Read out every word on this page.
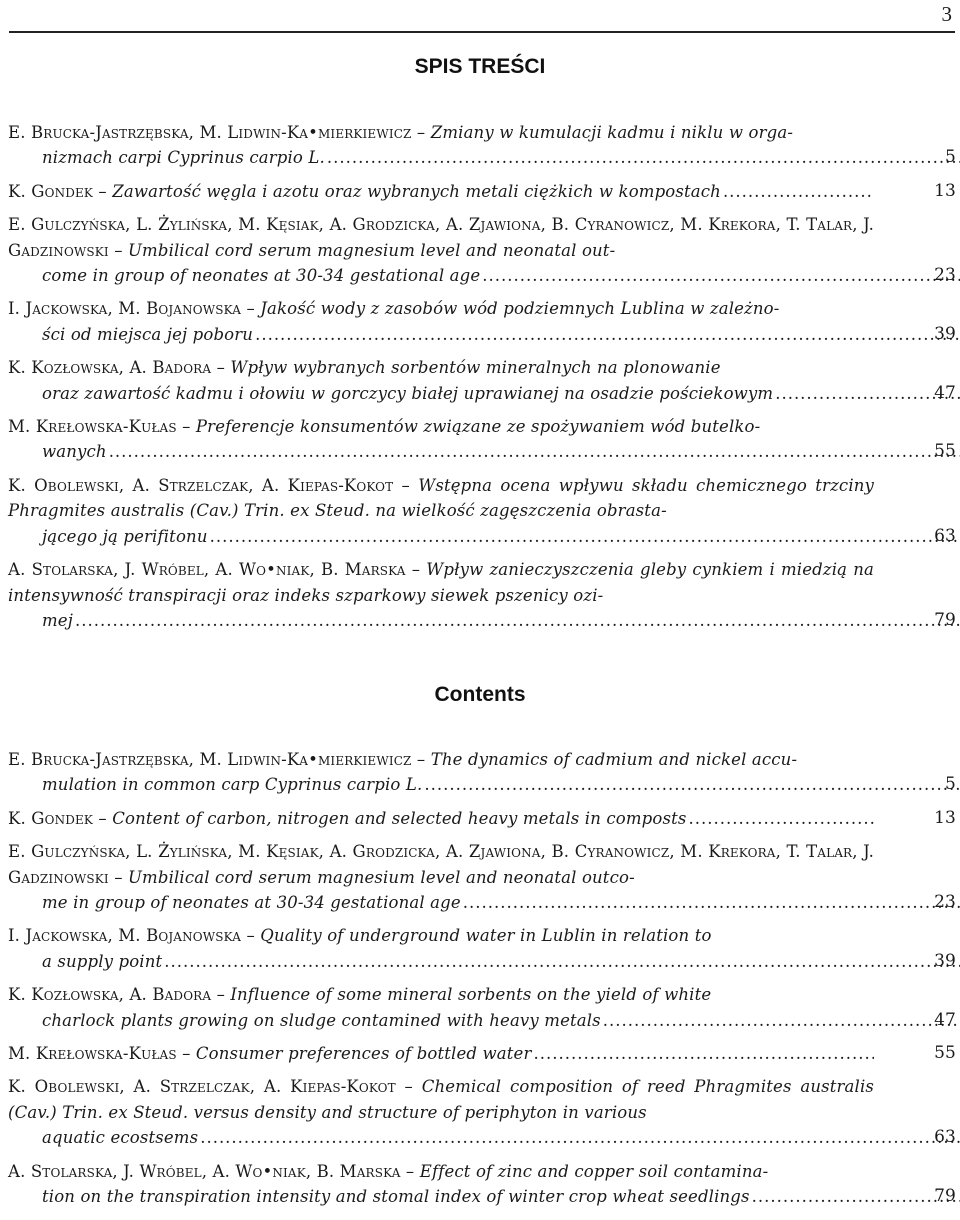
3
SPIS TREŚCI
E. Brucka-Jastrzębska, M. Lidwin-Ka•mierkiewicz – Zmiany w kumulacji kadmu i niklu w orga-
nizmach carpi Cyprinus carpio L. .....	5
K. Gondek – Zawartość węgla i azotu oraz wybranych metali ciężkich w kompostach .....	13
E. Gulczyńska, L. Żylińska, M. Kęsiak, A. Grodzicka, A. Zjawiona, B. Cyranowicz, M. Krekora, T. Talar, J. Gadzinowski – Umbilical cord serum magnesium level and neonatal out-
come in group of neonates at 30-34 gestational age .....	23
I. Jackowska, M. Bojanowska – Jakość wody z zasobów wód podziemnych Lublina w zależno-
ści od miejsca jej poboru .....	39
K. Kozłowska, A. Badora – Wpływ wybranych sorbentów mineralnych na plonowanie
oraz zawartość kadmu i ołowiu w gorczycy białej uprawianej na osadzie pościekowym .....	47
M. Krełowska-Kułas – Preferencje konsumentów związane ze spożywaniem wód butelko-
wanych .....	55
K. Obolewski, A. Strzelczak, A. Kiepas-Kokot – Wstępna ocena wpływu składu chemicznego trzciny Phragmites australis (Cav.) Trin. ex Steud. na wielkość zagęszczenia obrasta-
jącego ją perifitonu .....	63
A. Stolarska, J. Wróbel, A. Wo•niak, B. Marska – Wpływ zanieczyszczenia gleby cynkiem i miedzią na intensywność transpiracji oraz indeks szparkowy siewek pszenicy ozi-
mej .....	79
Contents
E. Brucka-Jastrzębska, M. Lidwin-Ka•mierkiewicz – The dynamics of cadmium and nickel accu-
mulation in common carp Cyprinus carpio L. .....	5
K. Gondek – Content of carbon, nitrogen and selected heavy metals in composts .....	13
E. Gulczyńska, L. Żylińska, M. Kęsiak, A. Grodzicka, A. Zjawiona, B. Cyranowicz, M. Krekora, T. Talar, J. Gadzinowski – Umbilical cord serum magnesium level and neonatal outco-
me in group of neonates at 30-34 gestational age .....	23
I. Jackowska, M. Bojanowska – Quality of underground water in Lublin in relation to
a supply point .....	39
K. Kozłowska, A. Badora – Influence of some mineral sorbents on the yield of white
charlock plants growing on sludge contamined with heavy metals .....	47
M. Krełowska-Kułas – Consumer preferences of bottled water .....	55
K. Obolewski, A. Strzelczak, A. Kiepas-Kokot – Chemical composition of reed Phragmites australis (Cav.) Trin. ex Steud. versus density and structure of periphyton in various
aquatic ecostsems .....	63
A. Stolarska, J. Wróbel, A. Wo•niak, B. Marska – Effect of zinc and copper soil contamina-
tion on the transpiration intensity and stomal index of winter crop wheat seedlings .....	79
